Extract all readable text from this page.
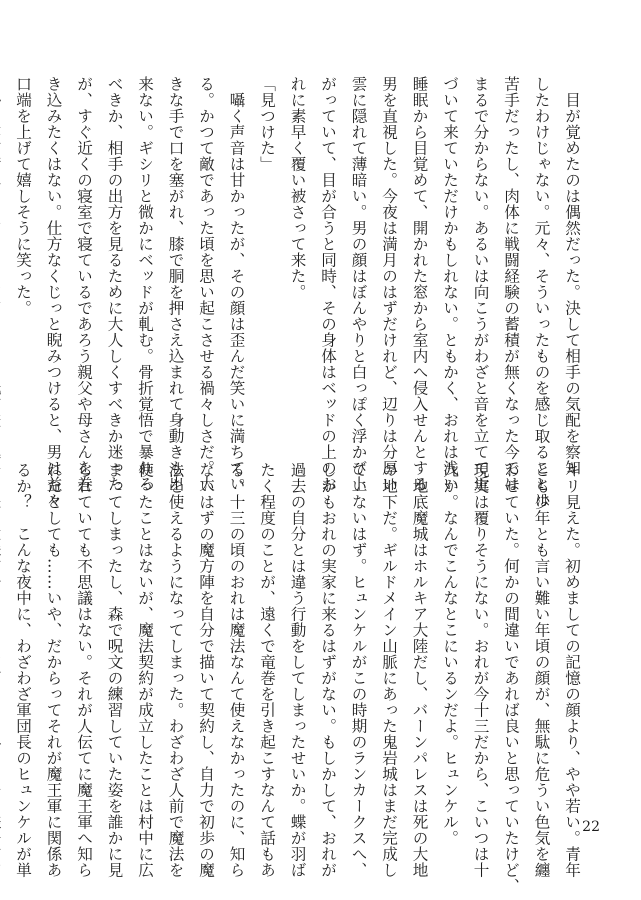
　目が覚めたのは偶然だった。決して相手の気配を察知

したわけじゃない。元々、そういったものを感じ取ることは

苦手だったし、肉体に戦闘経験の蓄積が無くなった今では

まるで分からない。あるいは向こうがわざと音を立てて近

づいて来ていただけかもしれない。ともかく、おれは浅い

睡眠から目覚めて、開かれた窓から室内へ侵入せんとする

男を直視した。今夜は満月のはずだけれど、辺りは分厚い

雲に隠れて薄暗い。男の顔はぼんやりと白っぽく浮かび上

がっていて、目が合うと同時、その身体はベッドの上のお

れに素早く覆い被さって来た。

「見つけた」

　囁く声音は甘かったが、その顔は歪んだ笑いに満ちてい

る。かつて敵であった頃を思い起こさせる禍々しさだ。大

きな手で口を塞がれ、膝で胴を押さえ込まれて身動きも出

来ない。ギシリと微かにベッドが軋む。骨折覚悟で暴れる

べきか、相手の出方を見るために大人しくすべきか迷った

が、すぐ近くの寝室で寝ているであろう親父や母さんを巻

き込みたくはない。仕方なくじっと睨みつけると、男は益々

口端を上げて嬉しそうに笑った。

キリ見えた。初めましての記憶の顔より、やや若い。青年

とも少年とも言い難い年頃の顔が、無駄に危うい色気を纏

わせていた。何かの間違いであれば良いと思っていたけど、

現実は覆りそうにない。おれが今十三だから、こいつは十

九か。なんでこんなとこにいるンだよ。ヒュンケル。

　地底魔城はホルキア大陸だし、バーンパレスは死の大地

の地下だ。ギルドメイン山脈にあった鬼岩城はまだ完成し

ていないはず。ヒュンケルがこの時期のランカークスへ、

しかもおれの実家に来るはずがない。もしかして、おれが

過去の自分とは違う行動をしてしまったせいか。蝶が羽ば

たく程度のことが、遠くで竜巻を引き起こすなんて話もあ

る。十三の頃のおれは魔法なんて使えなかったのに、知ら

ないはずの魔方陣を自分で描いて契約し、自力で初歩の魔

法を使えるようになってしまった。わざわざ人前で魔法を

使ったことはないが、魔法契約が成立したことは村中に広

まってしまったし、森で呪文の練習していた姿を誰かに見

られていても不思議はない。それが人伝てに魔王軍へ知ら

れたとしても……いや、だからってそれが魔王軍に関係あ

るか？　こんな夜中に、わざわざ軍団長のヒュンケルが単	22
